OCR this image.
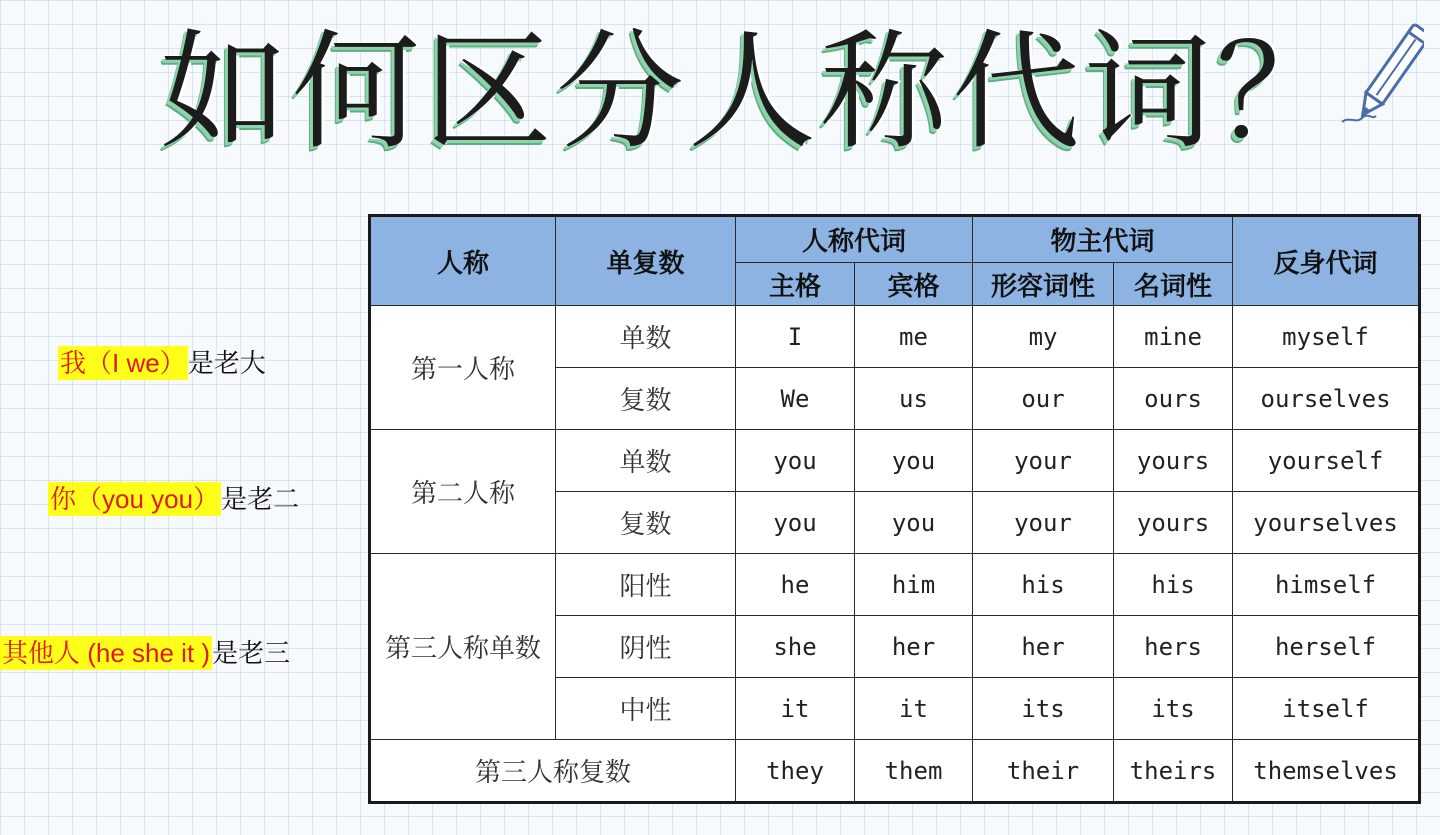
如何区分人称代词？
我（I we）是老大
你（you you）是老二
其他人 (he she it )是老三
人称	单复数	人称代词		物主代词		反身代词
		主格	宾格	形容词性	名词性	
第一人称	单数	I	me	my	mine	myself
	复数	We	us	our	ours	ourselves
第二人称	单数	you	you	your	yours	yourself
	复数	you	you	your	yours	yourselves
第三人称单数	阳性	he	him	his	his	himself
	阴性	she	her	her	hers	herself
	中性	it	it	its	its	itself
第三人称复数		they	them	their	theirs	themselves
